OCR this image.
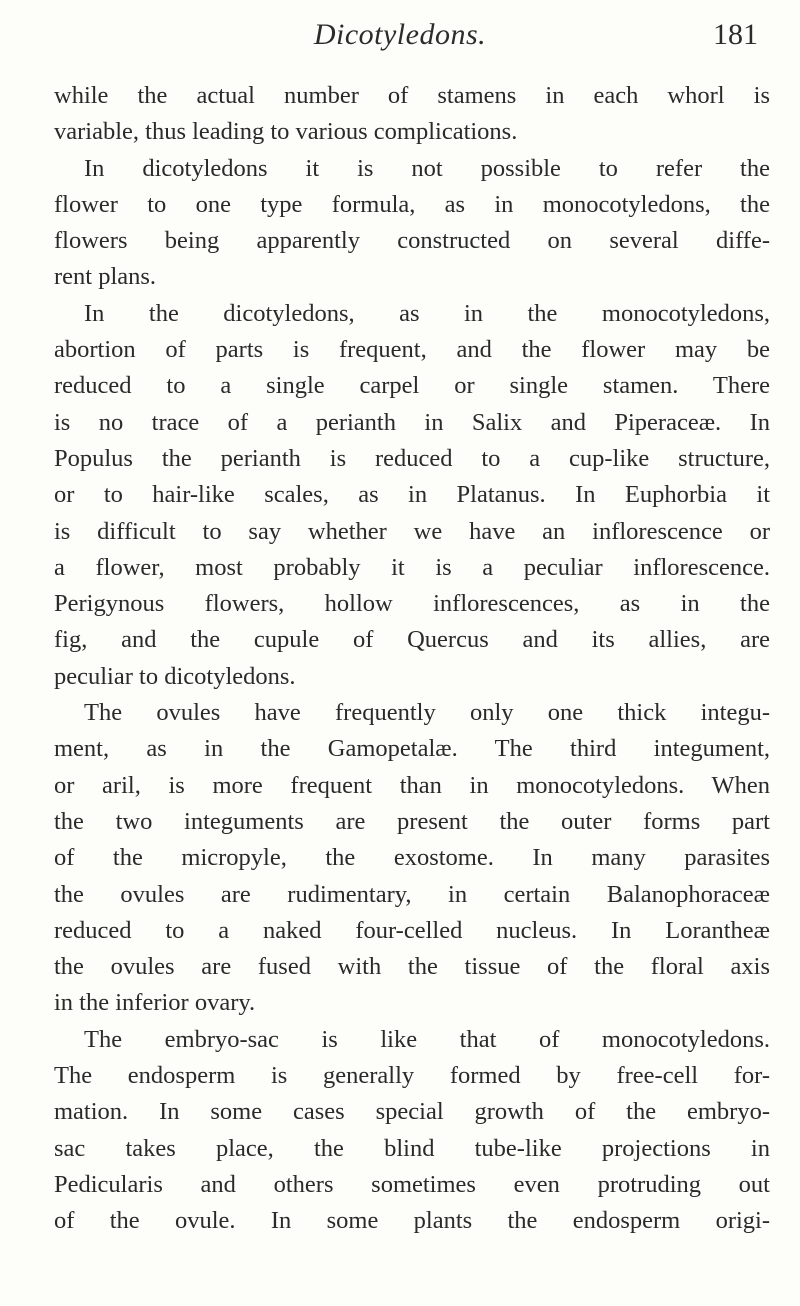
Dicotyledons.	181
while the actual number of stamens in each whorl is
variable, thus leading to various complications.
In dicotyledons it is not possible to refer the
flower to one type formula, as in monocotyledons, the
flowers being apparently constructed on several diffe-
rent plans.
In the dicotyledons, as in the monocotyledons,
abortion of parts is frequent, and the flower may be
reduced to a single carpel or single stamen. There
is no trace of a perianth in Salix and Piperaceæ. In
Populus the perianth is reduced to a cup-like structure,
or to hair-like scales, as in Platanus. In Euphorbia it
is difficult to say whether we have an inflorescence or
a flower, most probably it is a peculiar inflorescence.
Perigynous flowers, hollow inflorescences, as in the
fig, and the cupule of Quercus and its allies, are
peculiar to dicotyledons.
The ovules have frequently only one thick integu-
ment, as in the Gamopetalæ. The third integument,
or aril, is more frequent than in monocotyledons. When
the two integuments are present the outer forms part
of the micropyle, the exostome. In many parasites
the ovules are rudimentary, in certain Balanophoraceæ
reduced to a naked four-celled nucleus. In Lorantheæ
the ovules are fused with the tissue of the floral axis
in the inferior ovary.
The embryo-sac is like that of monocotyledons.
The endosperm is generally formed by free-cell for-
mation. In some cases special growth of the embryo-
sac takes place, the blind tube-like projections in
Pedicularis and others sometimes even protruding out
of the ovule. In some plants the endosperm origi-
